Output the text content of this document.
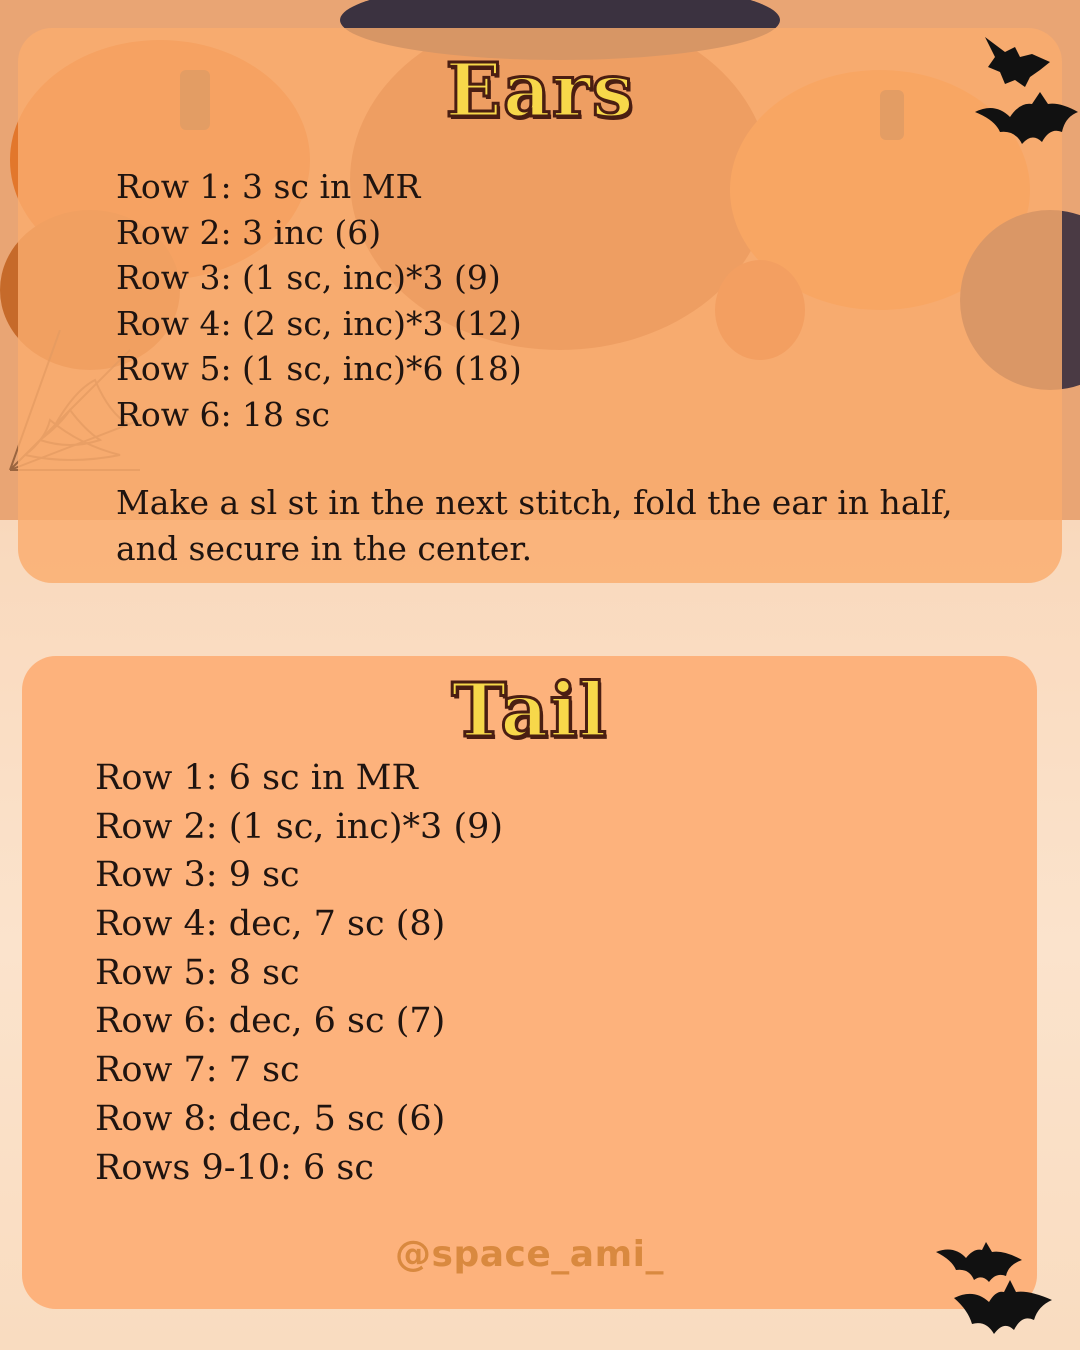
Ears
Row 1: 3 sc in MR
Row 2: 3 inc (6)
Row 3: (1 sc, inc)*3 (9)
Row 4: (2 sc, inc)*3 (12)
Row 5: (1 sc, inc)*6 (18)
Row 6: 18 sc

Make a sl st in the next stitch, fold the ear in half, and secure in the center.

Tail
Row 1: 6 sc in MR
Row 2: (1 sc, inc)*3 (9)
Row 3: 9 sc
Row 4: dec, 7 sc (8)
Row 5: 8 sc
Row 6: dec, 6 sc (7)
Row 7: 7 sc
Row 8: dec, 5 sc (6)
Rows 9-10: 6 sc
@space_ami_
